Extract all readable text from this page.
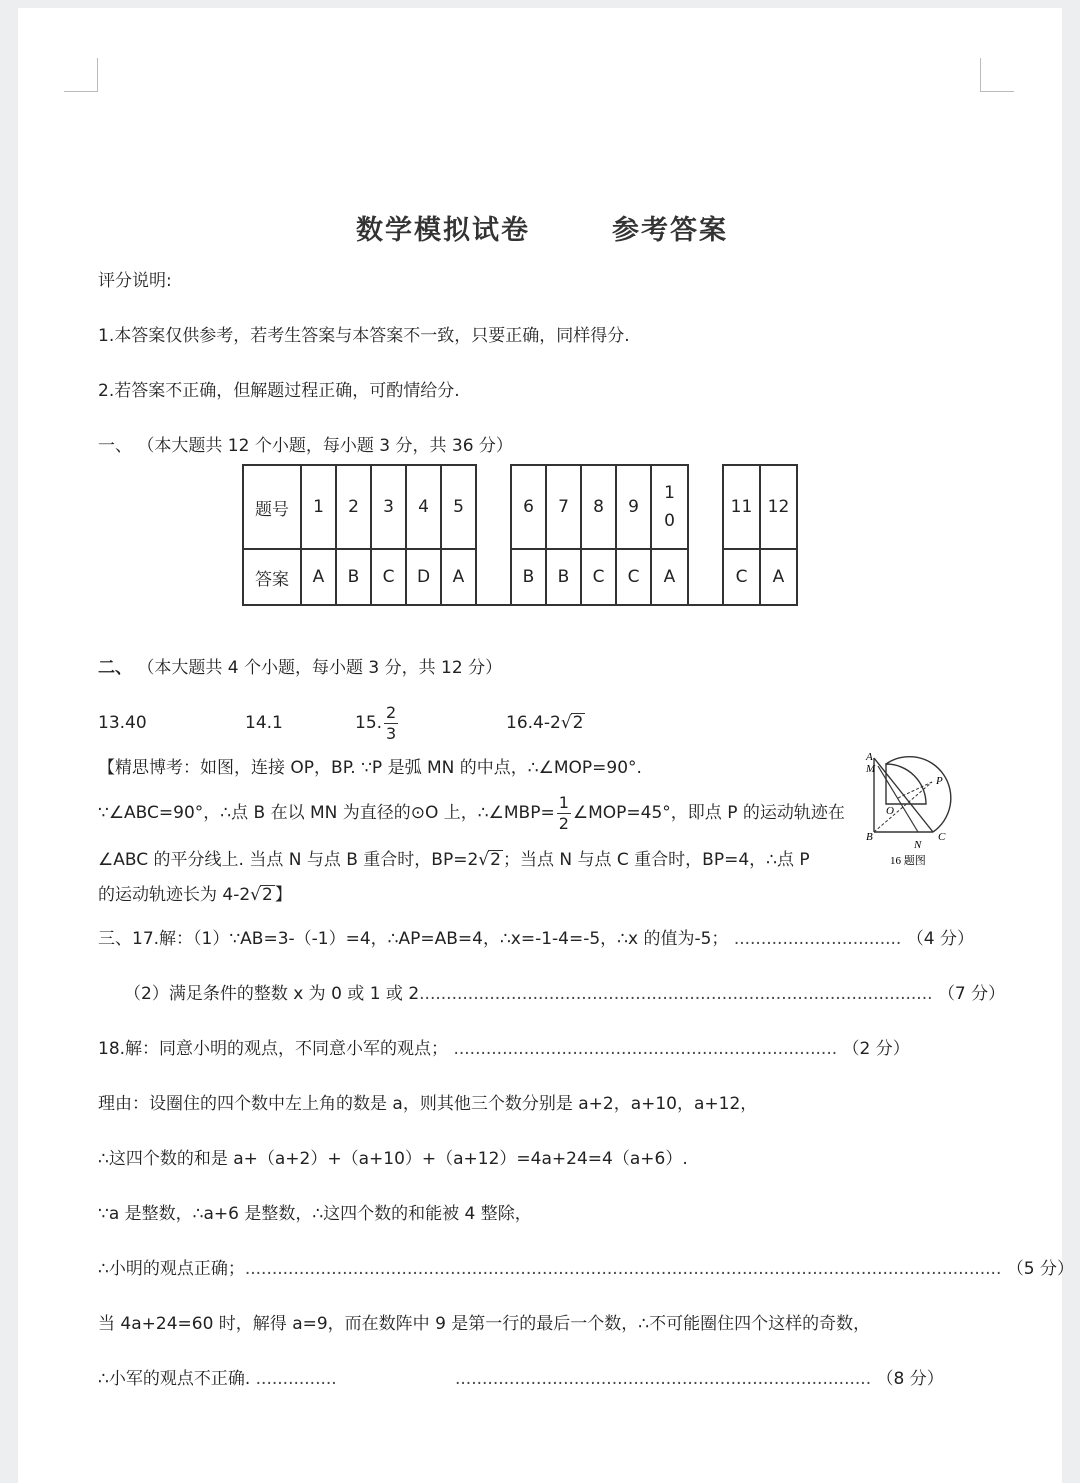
数学模拟试卷	参考答案
评分说明:
1.本答案仅供参考，若考生答案与本答案不一致，只要正确，同样得分.
2.若答案不正确，但解题过程正确，可酌情给分.
一、 （本大题共 12 个小题，每小题 3 分，共 36 分）
题号	1	2	3	4	5		6	7	8	9	1
0		11	12
答案	A	B	C	D	A		B	B	C	C	A		C	A
二、 （本大题共 4 个小题，每小题 3 分，共 12 分）
13.40	14.1	15. $\frac{2}{3}$	16.4-2√2
【精思博考：如图，连接 OP，BP. ∵P 是弧 MN 的中点，∴∠MOP=90°.
∵∠ABC=90°，∴点 B 在以 MN 为直径的⊙O 上，∴∠MBP= $\frac{1}{2}$ ∠MOP=45°，即点 P 的运动轨迹在
∠ABC 的平分线上. 当点 N 与点 B 重合时，BP=2√2 ；当点 N 与点 C 重合时，BP=4，∴点 P
的运动轨迹长为 4-2√2 】
A
M
P
O
B
N
C
16 题图
三、17.解：（1）∵AB=3-（-1）=4，∴AP=AB=4，∴x=-1-4=-5，∴x 的值为-5； ............................... （4 分）
（2）满足条件的整数 x 为 0 或 1 或 2............................................................................................... （7 分）
18.解：同意小明的观点，不同意小军的观点； ....................................................................... （2 分）
理由：设圈住的四个数中左上角的数是 a，则其他三个数分别是 a+2，a+10，a+12，
∴这四个数的和是 a+（a+2）+（a+10）+（a+12）=4a+24=4（a+6）.
∵a 是整数，∴a+6 是整数，∴这四个数的和能被 4 整除，
∴小明的观点正确；............................................................................................................................................ （5 分）
当 4a+24=60 时，解得 a=9，而在数阵中 9 是第一行的最后一个数，∴不可能圈住四个这样的奇数，
∴小军的观点不正确. ...............	............................................................................. （8 分）
